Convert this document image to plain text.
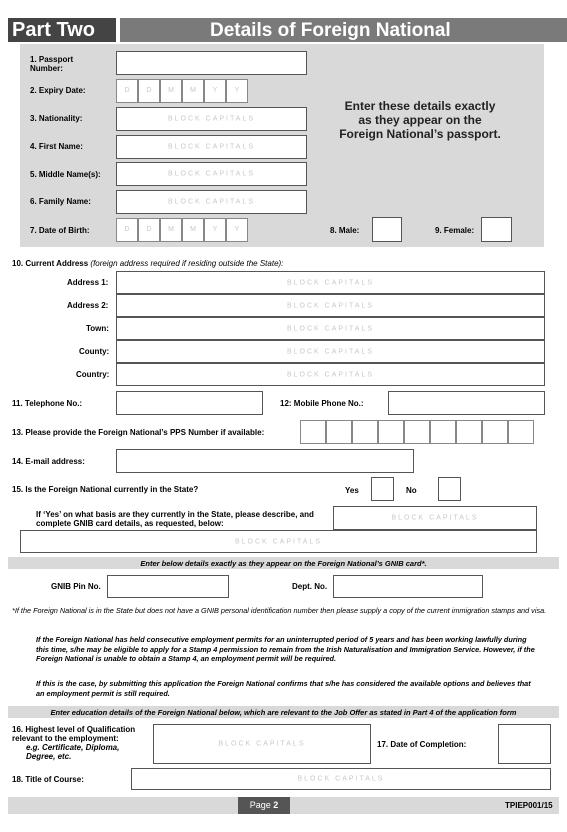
Part Two	Details of Foreign National
1. Passport
Number:
2. Expiry Date:	D	D	M	M	Y	Y
3. Nationality:	BLOCK CAPITALS
4. First Name:	BLOCK CAPITALS
5. Middle Name(s):	BLOCK CAPITALS
6. Family Name:	BLOCK CAPITALS
7. Date of Birth:	D	D	M	M	Y	Y	8. Male:	9. Female:
Enter these details exactly
as they appear on the
Foreign National’s passport.
10. Current Address (foreign address required if residing outside the State):
Address 1:	BLOCK CAPITALS
Address 2:	BLOCK CAPITALS
Town:	BLOCK CAPITALS
County:	BLOCK CAPITALS
Country:	BLOCK CAPITALS
11. Telephone No.:	12: Mobile Phone No.:
13. Please provide the Foreign National’s PPS Number if available:
14. E-mail address:
15. Is the Foreign National currently in the State?	Yes	No
If ‘Yes’ on what basis are they currently in the State, please describe, and
complete GNIB card details, as requested, below:
BLOCK CAPITALS
BLOCK CAPITALS
Enter below details exactly as they appear on the Foreign National’s GNIB card*.
GNIB Pin No.	Dept. No.
*If the Foreign National is in the State but does not have a GNIB personal identification number then please supply a copy of the current immigration stamps and visa.
If the Foreign National has held consecutive employment permits for an uninterrupted period of 5 years and has been working lawfully during this time, s/he may be eligible to apply for a Stamp 4 permission to remain from the Irish Naturalisation and Immigration Service. However, if the Foreign National is unable to obtain a Stamp 4, an employment permit will be required.
If this is the case, by submitting this application the Foreign National confirms that s/he has considered the available options and believes that an employment permit is still required.
Enter education details of the Foreign National below, which are relevant to the Job Offer as stated in Part 4 of the application form
16. Highest level of Qualification
relevant to the employment:
e.g. Certificate, Diploma,
Degree, etc.
BLOCK CAPITALS	17. Date of Completion:
18. Title of Course:	BLOCK CAPITALS
Page 2	TPIEP001/15
